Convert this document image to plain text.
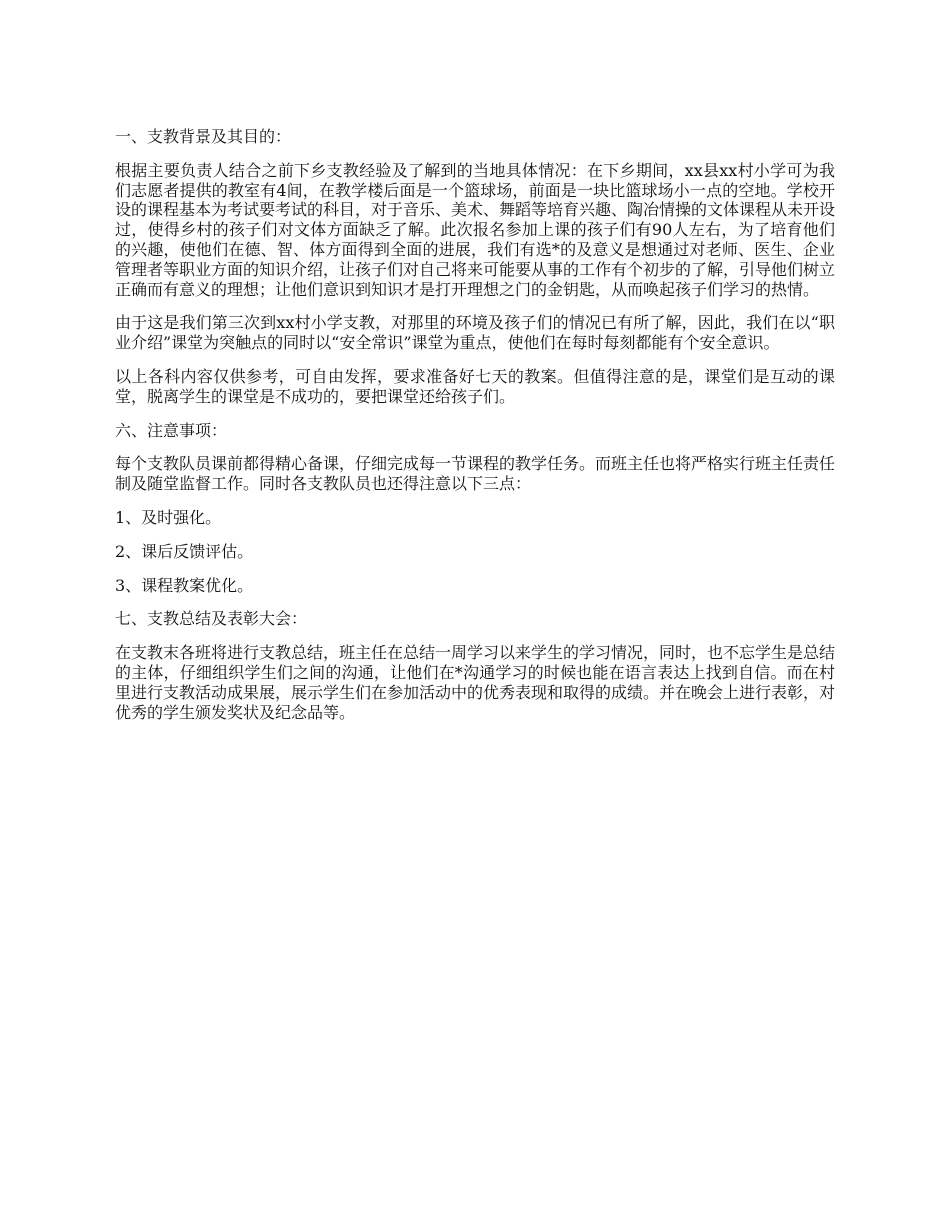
一、支教背景及其目的：

根据主要负责人结合之前下乡支教经验及了解到的当地具体情况：在下乡期间，xx县xx村小学可为我们志愿者提供的教室有4间，在教学楼后面是一个篮球场，前面是一块比篮球场小一点的空地。学校开设的课程基本为考试要考试的科目，对于音乐、美术、舞蹈等培育兴趣、陶冶情操的文体课程从未开设过，使得乡村的孩子们对文体方面缺乏了解。此次报名参加上课的孩子们有90人左右，为了培育他们的兴趣，使他们在德、智、体方面得到全面的进展，我们有选*的及意义是想通过对老师、医生、企业管理者等职业方面的知识介绍，让孩子们对自己将来可能要从事的工作有个初步的了解，引导他们树立正确而有意义的理想；让他们意识到知识才是打开理想之门的金钥匙，从而唤起孩子们学习的热情。

由于这是我们第三次到xx村小学支教，对那里的环境及孩子们的情况已有所了解，因此，我们在以“职业介绍”课堂为突触点的同时以“安全常识”课堂为重点，使他们在每时每刻都能有个安全意识。

以上各科内容仅供参考，可自由发挥，要求准备好七天的教案。但值得注意的是，课堂们是互动的课堂，脱离学生的课堂是不成功的，要把课堂还给孩子们。

六、注意事项：

每个支教队员课前都得精心备课，仔细完成每一节课程的教学任务。而班主任也将严格实行班主任责任制及随堂监督工作。同时各支教队员也还得注意以下三点：

1、及时强化。
2、课后反馈评估。
3、课程教案优化。
七、支教总结及表彰大会：

在支教末各班将进行支教总结，班主任在总结一周学习以来学生的学习情况，同时，也不忘学生是总结的主体，仔细组织学生们之间的沟通，让他们在*沟通学习的时候也能在语言表达上找到自信。而在村里进行支教活动成果展，展示学生们在参加活动中的优秀表现和取得的成绩。并在晚会上进行表彰，对优秀的学生颁发奖状及纪念品等。
